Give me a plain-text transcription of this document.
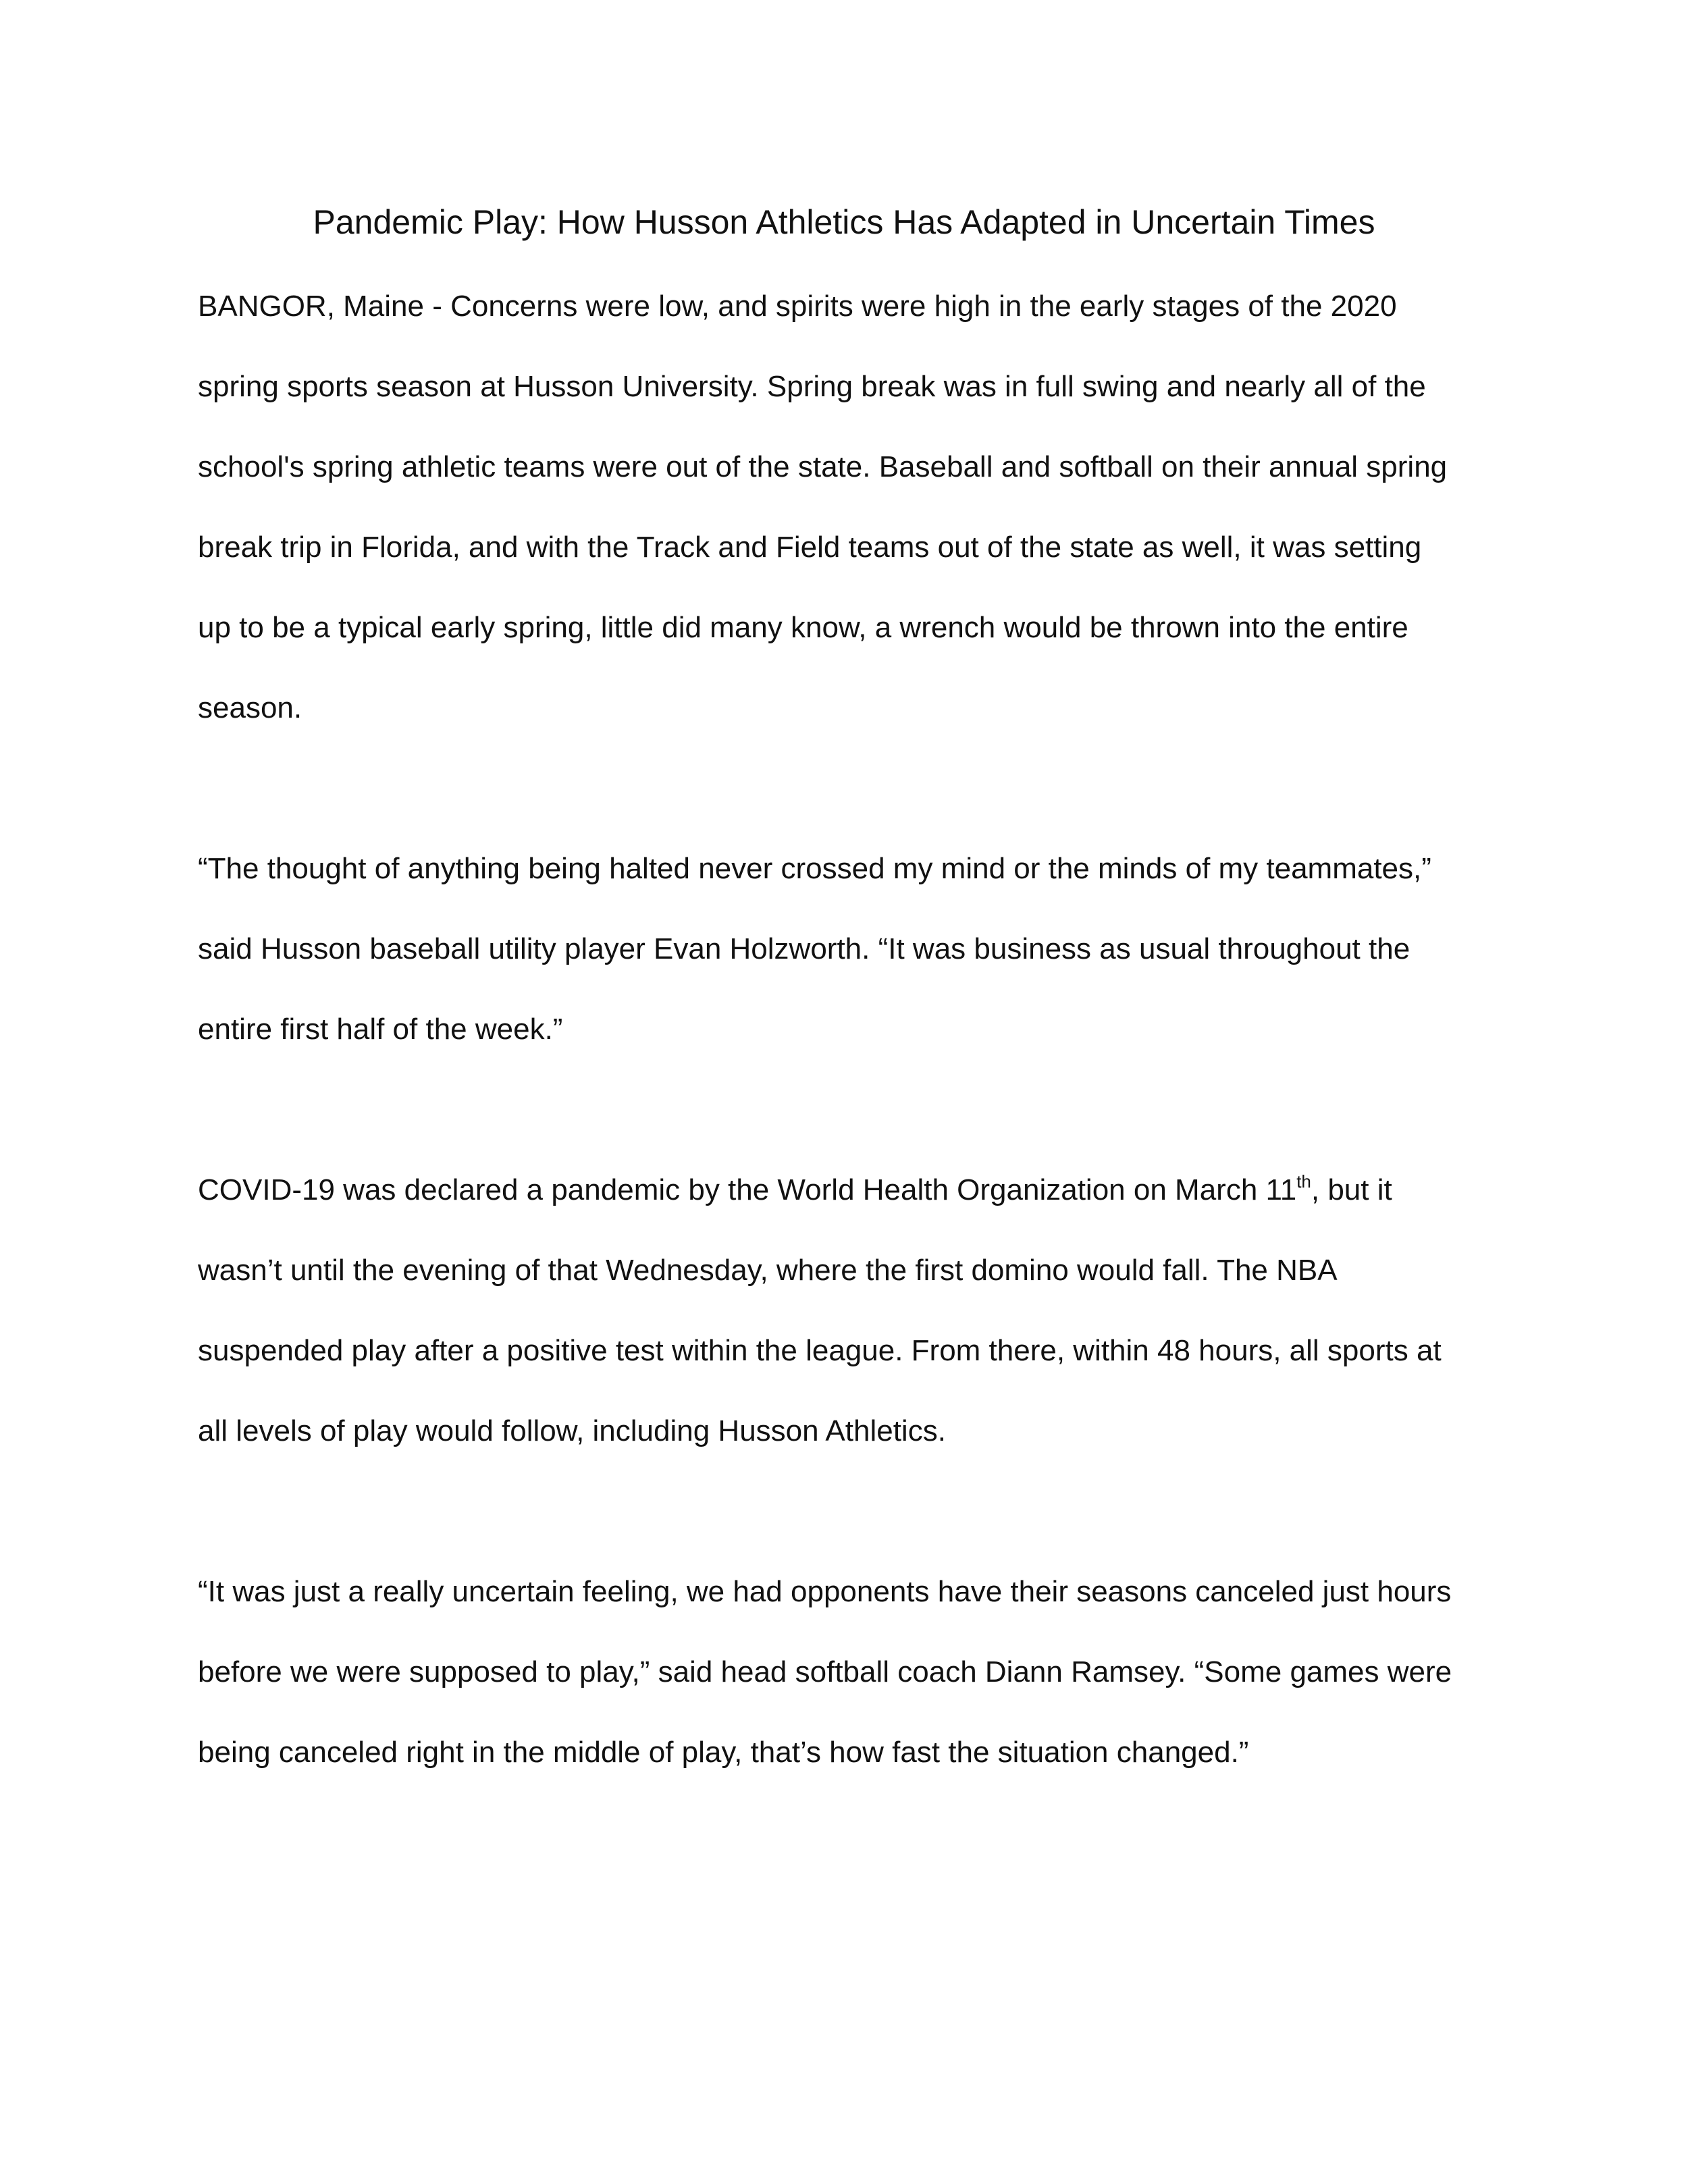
Pandemic Play: How Husson Athletics Has Adapted in Uncertain Times

BANGOR, Maine - Concerns were low, and spirits were high in the early stages of the 2020
spring sports season at Husson University. Spring break was in full swing and nearly all of the
school's spring athletic teams were out of the state. Baseball and softball on their annual spring
break trip in Florida, and with the Track and Field teams out of the state as well, it was setting
up to be a typical early spring, little did many know, a wrench would be thrown into the entire
season.

“The thought of anything being halted never crossed my mind or the minds of my teammates,”
said Husson baseball utility player Evan Holzworth. “It was business as usual throughout the
entire first half of the week.”

COVID-19 was declared a pandemic by the World Health Organization on March 11th, but it
wasn’t until the evening of that Wednesday, where the first domino would fall. The NBA
suspended play after a positive test within the league. From there, within 48 hours, all sports at
all levels of play would follow, including Husson Athletics.

“It was just a really uncertain feeling, we had opponents have their seasons canceled just hours
before we were supposed to play,” said head softball coach Diann Ramsey. “Some games were
being canceled right in the middle of play, that’s how fast the situation changed.”
